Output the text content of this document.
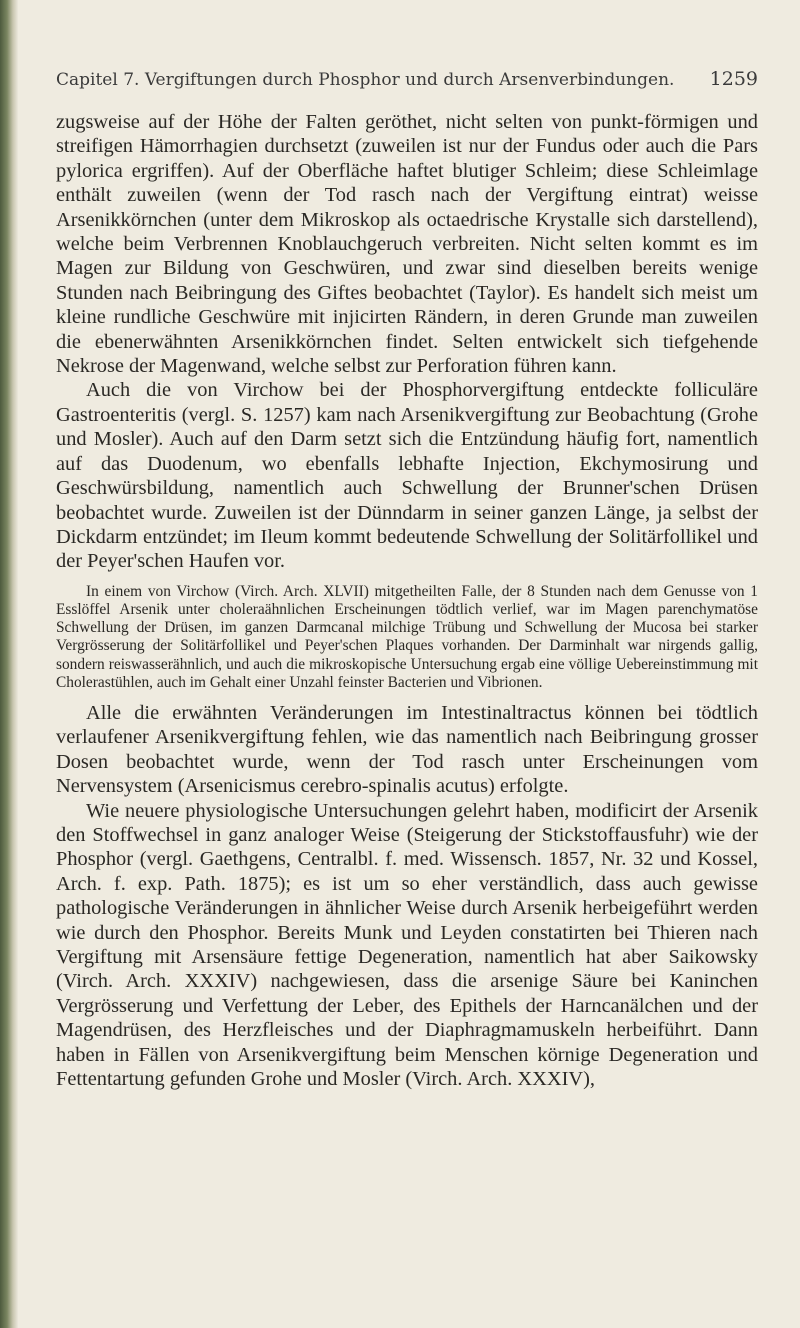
Capitel 7. Vergiftungen durch Phosphor und durch Arsenverbindungen. 1259

zugsweise auf der Höhe der Falten geröthet, nicht selten von punkt-förmigen und streifigen Hämorrhagien durchsetzt (zuweilen ist nur der Fundus oder auch die Pars pylorica ergriffen). Auf der Oberfläche haftet blutiger Schleim; diese Schleimlage enthält zuweilen (wenn der Tod rasch nach der Vergiftung eintrat) weisse Arsenikkörnchen (unter dem Mikroskop als octaedrische Krystalle sich darstellend), welche beim Verbrennen Knoblauchgeruch verbreiten. Nicht selten kommt es im Magen zur Bildung von Geschwüren, und zwar sind dieselben bereits wenige Stunden nach Beibringung des Giftes beobachtet (Taylor). Es handelt sich meist um kleine rundliche Geschwüre mit injicirten Rändern, in deren Grunde man zuweilen die ebenerwähnten Arsenikkörnchen findet. Selten entwickelt sich tiefgehende Nekrose der Magenwand, welche selbst zur Perforation führen kann.

Auch die von Virchow bei der Phosphorvergiftung entdeckte folliculäre Gastroenteritis (vergl. S. 1257) kam nach Arsenikvergiftung zur Beobachtung (Grohe und Mosler). Auch auf den Darm setzt sich die Entzündung häufig fort, namentlich auf das Duodenum, wo ebenfalls lebhafte Injection, Ekchymosirung und Geschwürsbildung, namentlich auch Schwellung der Brunner'schen Drüsen beobachtet wurde. Zuweilen ist der Dünndarm in seiner ganzen Länge, ja selbst der Dickdarm entzündet; im Ileum kommt bedeutende Schwellung der Solitärfollikel und der Peyer'schen Haufen vor.

In einem von Virchow (Virch. Arch. XLVII) mitgetheilten Falle, der 8 Stunden nach dem Genusse von 1 Esslöffel Arsenik unter choleraähnlichen Erscheinungen tödtlich verlief, war im Magen parenchymatöse Schwellung der Drüsen, im ganzen Darmcanal milchige Trübung und Schwellung der Mucosa bei starker Vergrösserung der Solitärfollikel und Peyer'schen Plaques vorhanden. Der Darminhalt war nirgends gallig, sondern reiswasserähnlich, und auch die mikroskopische Untersuchung ergab eine völlige Uebereinstimmung mit Cholerastühlen, auch im Gehalt einer Unzahl feinster Bacterien und Vibrionen.

Alle die erwähnten Veränderungen im Intestinaltractus können bei tödtlich verlaufener Arsenikvergiftung fehlen, wie das namentlich nach Beibringung grosser Dosen beobachtet wurde, wenn der Tod rasch unter Erscheinungen vom Nervensystem (Arsenicismus cerebro-spinalis acutus) erfolgte.

Wie neuere physiologische Untersuchungen gelehrt haben, modificirt der Arsenik den Stoffwechsel in ganz analoger Weise (Steigerung der Stickstoffausfuhr) wie der Phosphor (vergl. Gaethgens, Centralbl. f. med. Wissensch. 1857, Nr. 32 und Kossel, Arch. f. exp. Path. 1875); es ist um so eher verständlich, dass auch gewisse pathologische Veränderungen in ähnlicher Weise durch Arsenik herbeigeführt werden wie durch den Phosphor. Bereits Munk und Leyden constatirten bei Thieren nach Vergiftung mit Arsensäure fettige Degeneration, namentlich hat aber Saikowsky (Virch. Arch. XXXIV) nachgewiesen, dass die arsenige Säure bei Kaninchen Vergrösserung und Verfettung der Leber, des Epithels der Harncanälchen und der Magendrüsen, des Herzfleisches und der Diaphragmamuskeln herbeiführt. Dann haben in Fällen von Arsenikvergiftung beim Menschen körnige Degeneration und Fettentartung gefunden Grohe und Mosler (Virch. Arch. XXXIV),
